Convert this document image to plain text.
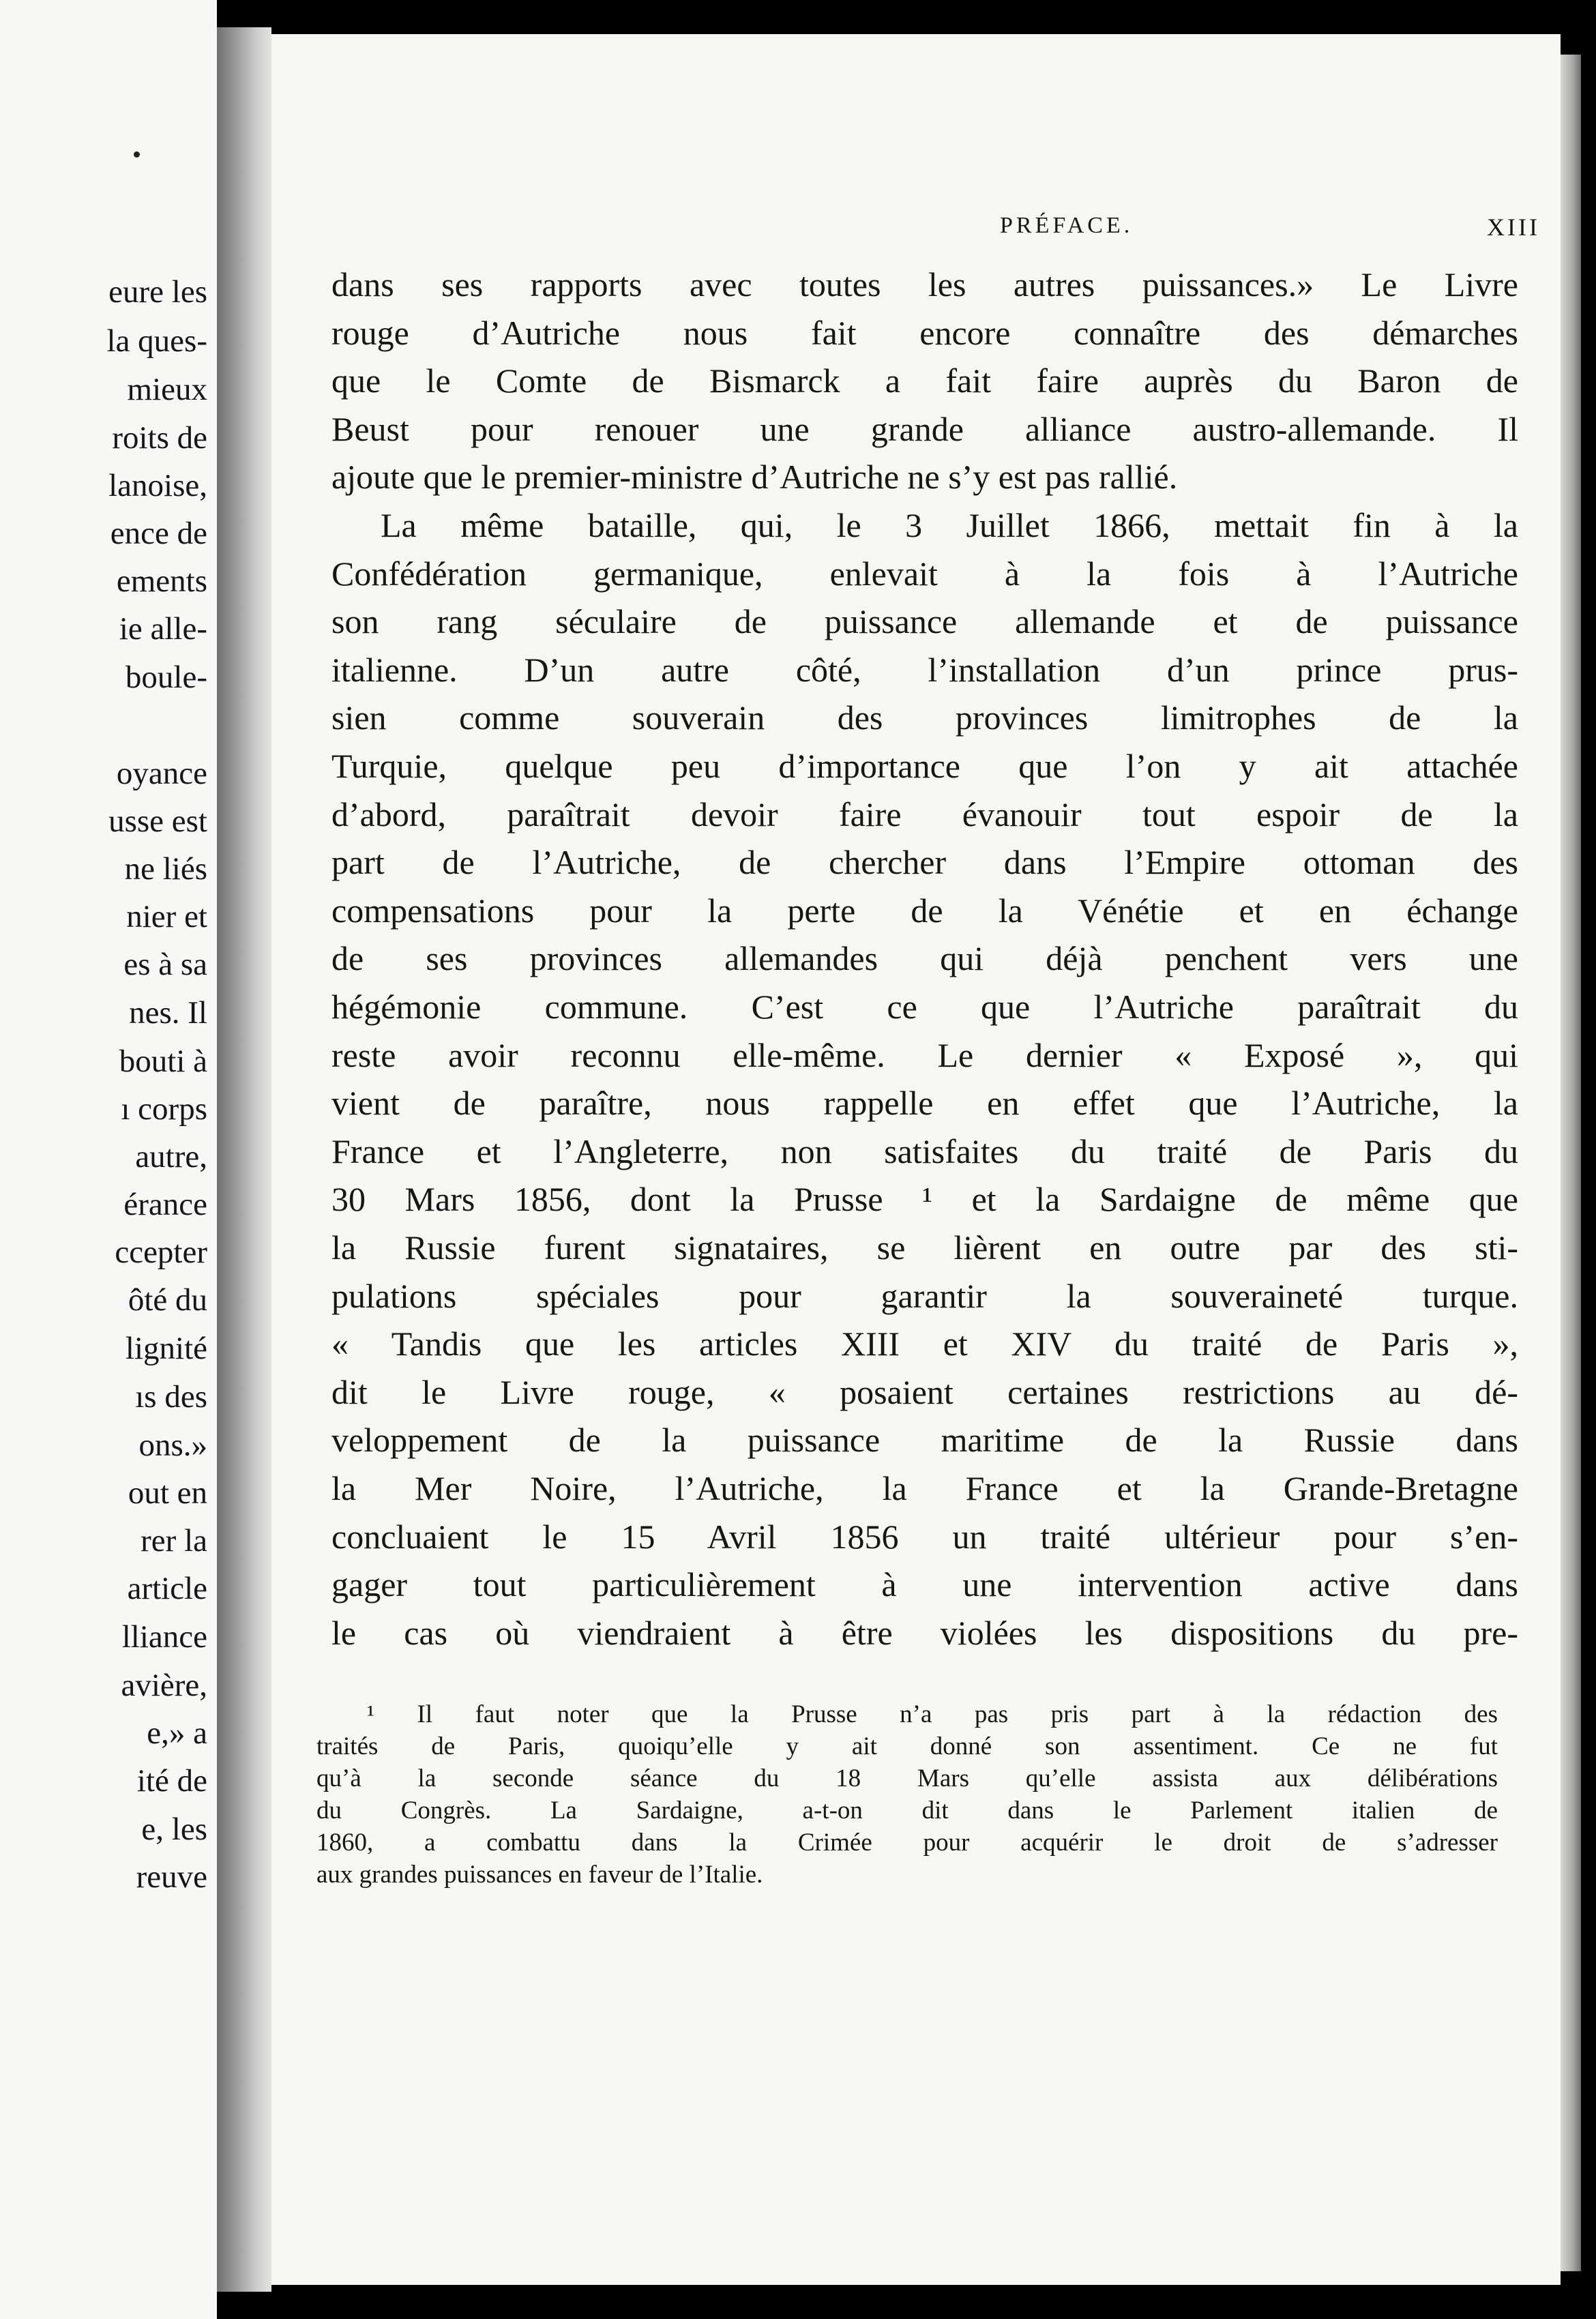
eure les
la ques-
mieux
roits de
lanoise,
ence de
ements
ie alle-
boule-
oyance
usse est
ne liés
nier et
es à sa
nes. Il
bouti à
ı corps
autre,
érance
ccepter
ôté du
lignité
ıs des
ons.»
out en
rer la
article
lliance
avière,
e,» a
ité de
e, les
reuve
PRÉFACE.	XIII
dans ses rapports avec toutes les autres puissances.» Le Livre
rouge d’Autriche nous fait encore connaître des démarches
que le Comte de Bismarck a fait faire auprès du Baron de
Beust pour renouer une grande alliance austro-allemande. Il
ajoute que le premier-ministre d’Autriche ne s’y est pas rallié.
La même bataille, qui, le 3 Juillet 1866, mettait fin à la
Confédération germanique, enlevait à la fois à l’Autriche
son rang séculaire de puissance allemande et de puissance
italienne. D’un autre côté, l’installation d’un prince prus-
sien comme souverain des provinces limitrophes de la
Turquie, quelque peu d’importance que l’on y ait attachée
d’abord, paraîtrait devoir faire évanouir tout espoir de la
part de l’Autriche, de chercher dans l’Empire ottoman des
compensations pour la perte de la Vénétie et en échange
de ses provinces allemandes qui déjà penchent vers une
hégémonie commune. C’est ce que l’Autriche paraîtrait du
reste avoir reconnu elle-même. Le dernier « Exposé », qui
vient de paraître, nous rappelle en effet que l’Autriche, la
France et l’Angleterre, non satisfaites du traité de Paris du
30 Mars 1856, dont la Prusse ¹ et la Sardaigne de même que
la Russie furent signataires, se lièrent en outre par des sti-
pulations spéciales pour garantir la souveraineté turque.
« Tandis que les articles XIII et XIV du traité de Paris »,
dit le Livre rouge, « posaient certaines restrictions au dé-
veloppement de la puissance maritime de la Russie dans
la Mer Noire, l’Autriche, la France et la Grande-Bretagne
concluaient le 15 Avril 1856 un traité ultérieur pour s’en-
gager tout particulièrement à une intervention active dans
le cas où viendraient à être violées les dispositions du pre-
¹ Il faut noter que la Prusse n’a pas pris part à la rédaction des
traités de Paris, quoiqu’elle y ait donné son assentiment. Ce ne fut
qu’à la seconde séance du 18 Mars qu’elle assista aux délibérations
du Congrès. La Sardaigne, a-t-on dit dans le Parlement italien de
1860, a combattu dans la Crimée pour acquérir le droit de s’adresser
aux grandes puissances en faveur de l’Italie.
